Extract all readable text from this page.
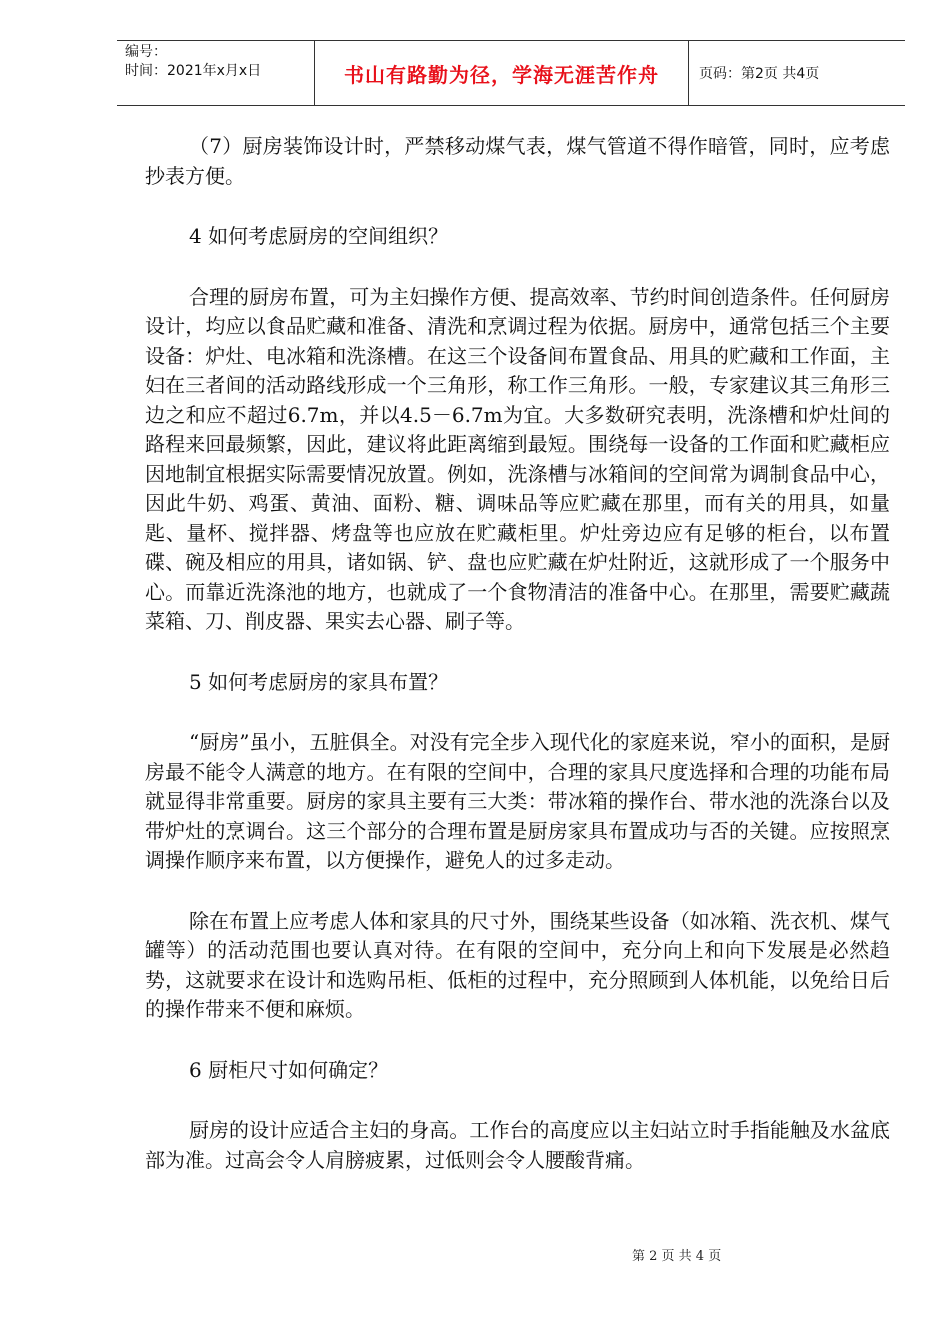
编号：
时间：2021年x月x日	书山有路勤为径，学海无涯苦作舟	页码：第2页 共4页

（7）厨房装饰设计时，严禁移动煤气表，煤气管道不得作暗管，同时，应考虑抄表方便。

4 如何考虑厨房的空间组织？

合理的厨房布置，可为主妇操作方便、提高效率、节约时间创造条件。任何厨房设计，均应以食品贮藏和准备、清洗和烹调过程为依据。厨房中，通常包括三个主要设备：炉灶、电冰箱和洗涤槽。在这三个设备间布置食品、用具的贮藏和工作面，主妇在三者间的活动路线形成一个三角形，称工作三角形。一般，专家建议其三角形三边之和应不超过6.7m，并以4.5－6.7m为宜。大多数研究表明，洗涤槽和炉灶间的路程来回最频繁，因此，建议将此距离缩到最短。围绕每一设备的工作面和贮藏柜应因地制宜根据实际需要情况放置。例如，洗涤槽与冰箱间的空间常为调制食品中心，因此牛奶、鸡蛋、黄油、面粉、糖、调味品等应贮藏在那里，而有关的用具，如量匙、量杯、搅拌器、烤盘等也应放在贮藏柜里。炉灶旁边应有足够的柜台，以布置碟、碗及相应的用具，诸如锅、铲、盘也应贮藏在炉灶附近，这就形成了一个服务中心。而靠近洗涤池的地方，也就成了一个食物清洁的准备中心。在那里，需要贮藏蔬菜箱、刀、削皮器、果实去心器、刷子等。

5 如何考虑厨房的家具布置？

“厨房”虽小，五脏俱全。对没有完全步入现代化的家庭来说，窄小的面积，是厨房最不能令人满意的地方。在有限的空间中，合理的家具尺度选择和合理的功能布局就显得非常重要。厨房的家具主要有三大类：带冰箱的操作台、带水池的洗涤台以及带炉灶的烹调台。这三个部分的合理布置是厨房家具布置成功与否的关键。应按照烹调操作顺序来布置，以方便操作，避免人的过多走动。

除在布置上应考虑人体和家具的尺寸外，围绕某些设备（如冰箱、洗衣机、煤气罐等）的活动范围也要认真对待。在有限的空间中，充分向上和向下发展是必然趋势，这就要求在设计和选购吊柜、低柜的过程中，充分照顾到人体机能，以免给日后的操作带来不便和麻烦。

6 厨柜尺寸如何确定？

厨房的设计应适合主妇的身高。工作台的高度应以主妇站立时手指能触及水盆底部为准。过高会令人肩膀疲累，过低则会令人腰酸背痛。

第 2 页 共 4 页
